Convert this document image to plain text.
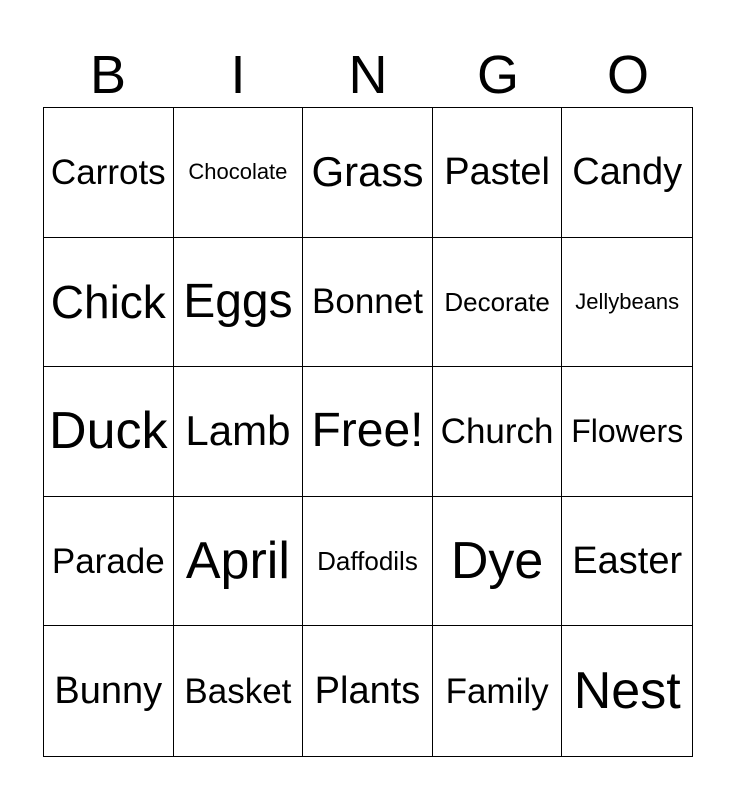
B	I	N	G	O
Carrots Chocolate Grass Pastel Candy
Chick Eggs Bonnet Decorate Jellybeans
Duck Lamb Free! Church Flowers
Parade April Daffodils Dye Easter
Bunny Basket Plants Family Nest
